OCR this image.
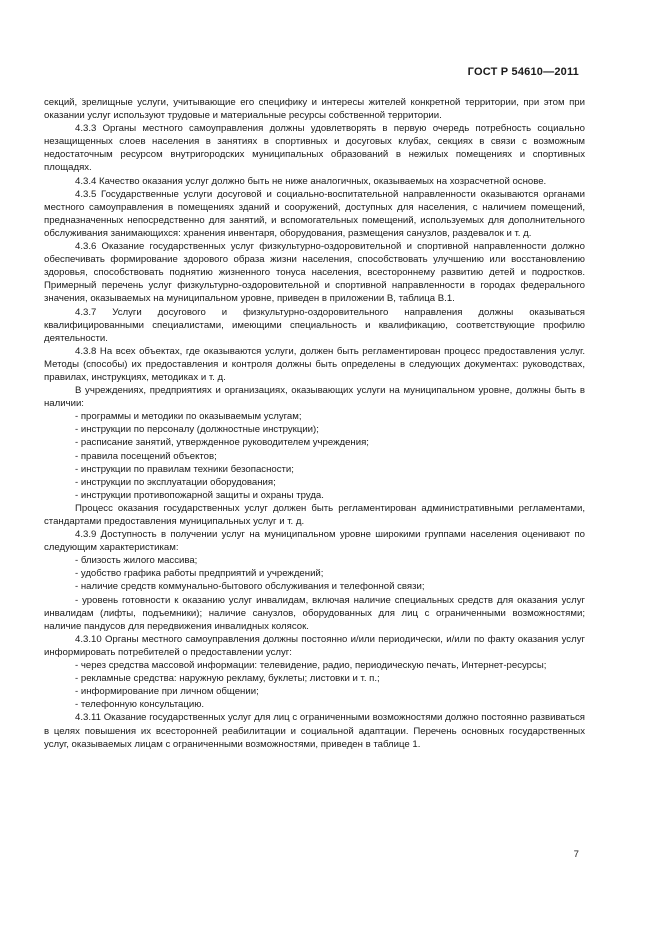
ГОСТ Р 54610—2011

секций, зрелищные услуги, учитывающие его специфику и интересы жителей конкретной территории, при этом при оказании услуг используют трудовые и материальные ресурсы собственной территории.

4.3.3 Органы местного самоуправления должны удовлетворять в первую очередь потребность социально незащищенных слоев населения в занятиях в спортивных и досуговых клубах, секциях в связи с возможным недостаточным ресурсом внутригородских муниципальных образований в нежилых помещениях и спортивных площадях.

4.3.4 Качество оказания услуг должно быть не ниже аналогичных, оказываемых на хозрасчетной основе.

4.3.5 Государственные услуги досуговой и социально-воспитательной направленности оказываются органами местного самоуправления в помещениях зданий и сооружений, доступных для населения, с наличием помещений, предназначенных непосредственно для занятий, и вспомогательных помещений, используемых для дополнительного обслуживания занимающихся: хранения инвентаря, оборудования, размещения санузлов, раздевалок и т. д.

4.3.6 Оказание государственных услуг физкультурно-оздоровительной и спортивной направленности должно обеспечивать формирование здорового образа жизни населения, способствовать улучшению или восстановлению здоровья, способствовать поднятию жизненного тонуса населения, всестороннему развитию детей и подростков. Примерный перечень услуг физкультурно-оздоровительной и спортивной направленности в городах федерального значения, оказываемых на муниципальном уровне, приведен в приложении В, таблица В.1.

4.3.7 Услуги досугового и физкультурно-оздоровительного направления должны оказываться квалифицированными специалистами, имеющими специальность и квалификацию, соответствующие профилю деятельности.

4.3.8 На всех объектах, где оказываются услуги, должен быть регламентирован процесс предоставления услуг. Методы (способы) их предоставления и контроля должны быть определены в следующих документах: руководствах, правилах, инструкциях, методиках и т. д.

В учреждениях, предприятиях и организациях, оказывающих услуги на муниципальном уровне, должны быть в наличии:

- программы и методики по оказываемым услугам;

- инструкции по персоналу (должностные инструкции);

- расписание занятий, утвержденное руководителем учреждения;

- правила посещений объектов;

- инструкции по правилам техники безопасности;

- инструкции по эксплуатации оборудования;

- инструкции противопожарной защиты и охраны труда.

Процесс оказания государственных услуг должен быть регламентирован административными регламентами, стандартами предоставления муниципальных услуг и т. д.

4.3.9 Доступность в получении услуг на муниципальном уровне широкими группами населения оценивают по следующим характеристикам:

- близость жилого массива;

- удобство графика работы предприятий и учреждений;

- наличие средств коммунально-бытового обслуживания и телефонной связи;

- уровень готовности к оказанию услуг инвалидам, включая наличие специальных средств для оказания услуг инвалидам (лифты, подъемники); наличие санузлов, оборудованных для лиц с ограниченными возможностями; наличие пандусов для передвижения инвалидных колясок.

4.3.10 Органы местного самоуправления должны постоянно и/или периодически, и/или по факту оказания услуг информировать потребителей о предоставлении услуг:

- через средства массовой информации: телевидение, радио, периодическую печать, Интернет-ресурсы;

- рекламные средства: наружную рекламу, буклеты; листовки и т. п.;

- информирование при личном общении;

- телефонную консультацию.

4.3.11 Оказание государственных услуг для лиц с ограниченными возможностями должно постоянно развиваться в целях повышения их всесторонней реабилитации и социальной адаптации. Перечень основных государственных услуг, оказываемых лицам с ограниченными возможностями, приведен в таблице 1.

7
